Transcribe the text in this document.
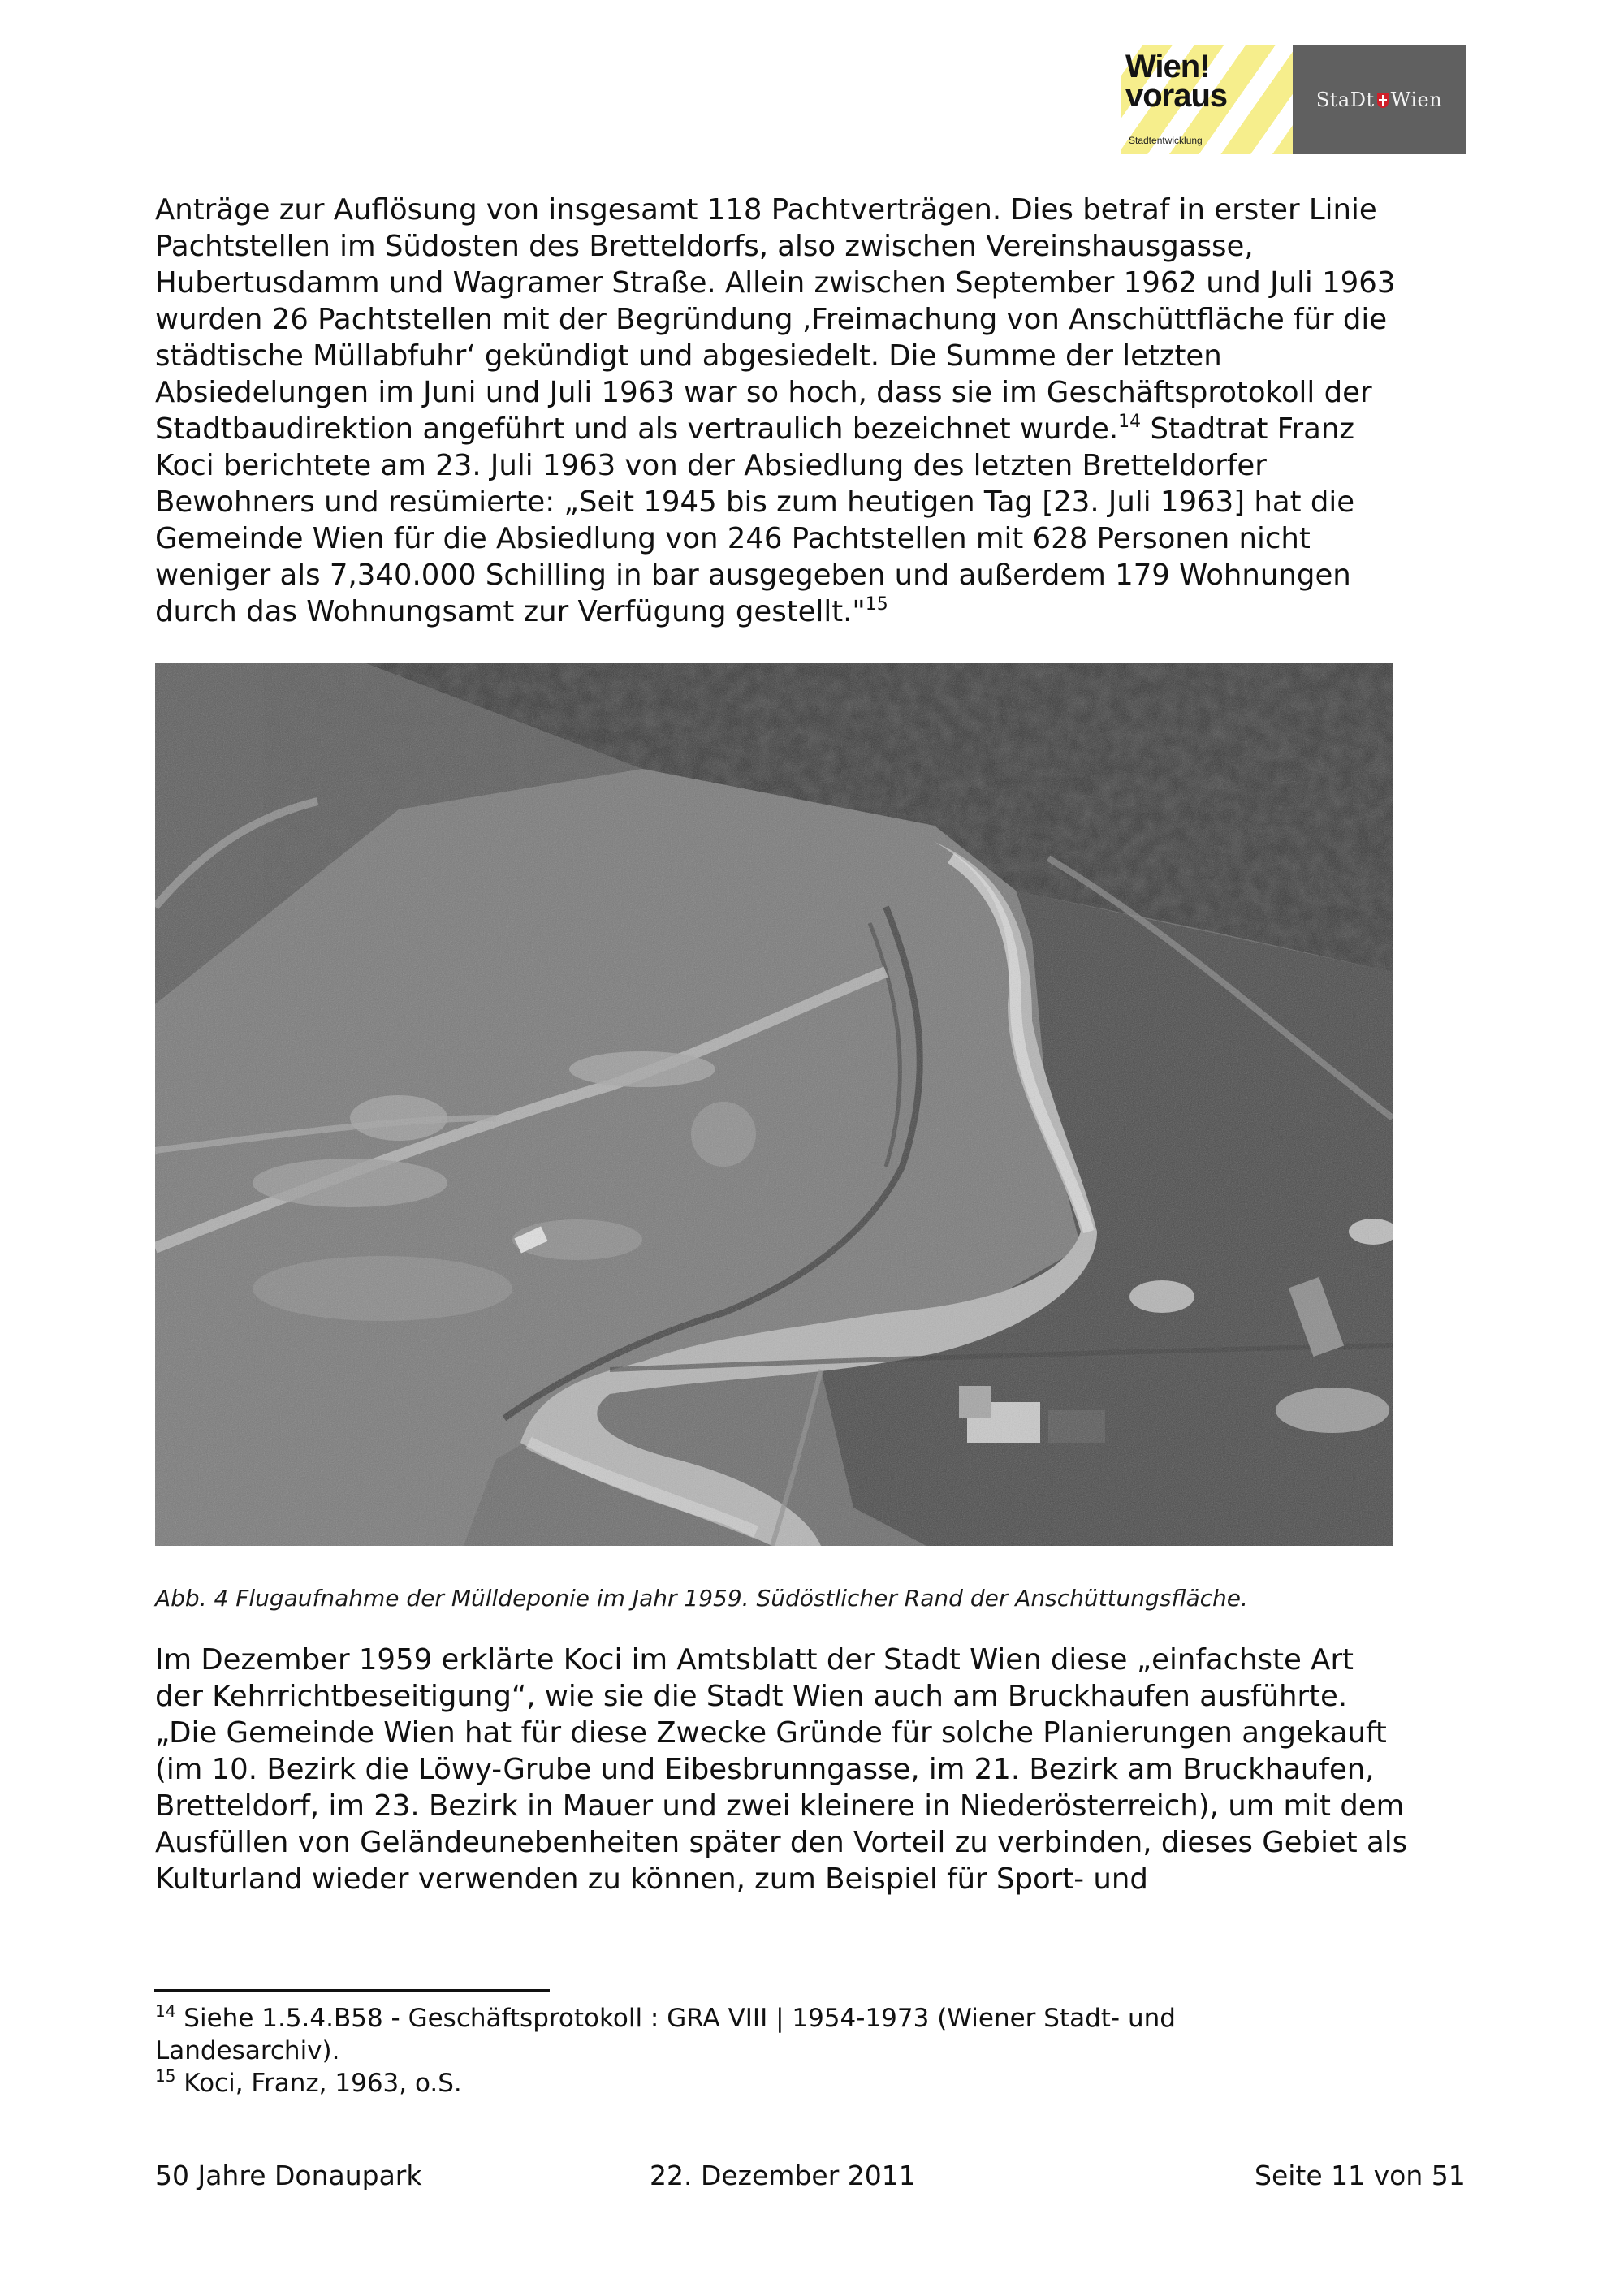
Wien!
voraus
Stadtentwicklung
StaDt Wien

Anträge zur Auflösung von insgesamt 118 Pachtverträgen. Dies betraf in erster Linie
Pachtstellen im Südosten des Bretteldorfs, also zwischen Vereinshausgasse,
Hubertusdamm und Wagramer Straße. Allein zwischen September 1962 und Juli 1963
wurden 26 Pachtstellen mit der Begründung ‚Freimachung von Anschüttfläche für die
städtische Müllabfuhr‘ gekündigt und abgesiedelt. Die Summe der letzten
Absiedelungen im Juni und Juli 1963 war so hoch, dass sie im Geschäftsprotokoll der
Stadtbaudirektion angeführt und als vertraulich bezeichnet wurde.$^{14}$ Stadtrat Franz
Koci berichtete am 23. Juli 1963 von der Absiedlung des letzten Bretteldorfer
Bewohners und resümierte: „Seit 1945 bis zum heutigen Tag [23. Juli 1963] hat die
Gemeinde Wien für die Absiedlung von 246 Pachtstellen mit 628 Personen nicht
weniger als 7,340.000 Schilling in bar ausgegeben und außerdem 179 Wohnungen
durch das Wohnungsamt zur Verfügung gestellt."$^{15}$

Abb. 4 Flugaufnahme der Mülldeponie im Jahr 1959. Südöstlicher Rand der Anschüttungsfläche.

Im Dezember 1959 erklärte Koci im Amtsblatt der Stadt Wien diese „einfachste Art
der Kehrrichtbeseitigung“, wie sie die Stadt Wien auch am Bruckhaufen ausführte.
„Die Gemeinde Wien hat für diese Zwecke Gründe für solche Planierungen angekauft
(im 10. Bezirk die Löwy-Grube und Eibesbrunngasse, im 21. Bezirk am Bruckhaufen,
Bretteldorf, im 23. Bezirk in Mauer und zwei kleinere in Niederösterreich), um mit dem
Ausfüllen von Geländeunebenheiten später den Vorteil zu verbinden, dieses Gebiet als
Kulturland wieder verwenden zu können, zum Beispiel für Sport- und

$^{14}$ Siehe 1.5.4.B58 - Geschäftsprotokoll : GRA VIII | 1954-1973 (Wiener Stadt- und
Landesarchiv).
$^{15}$ Koci, Franz, 1963, o.S.
50 Jahre Donaupark	22. Dezember 2011	Seite 11 von 51
